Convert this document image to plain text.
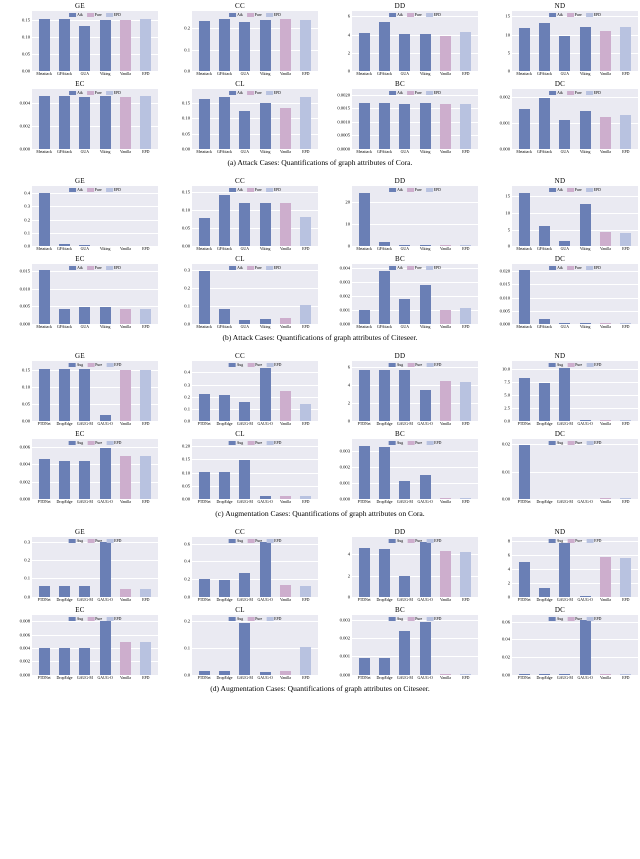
GE
0.00
0.05
0.10
0.15
Atk	Pure	EPD
Metattack	GFAttack	GUA	Viking	Vanilla	EPD
CC
0.0
0.1
0.2
Atk	Pure	EPD
Metattack	GFAttack	GUA	Viking	Vanilla	EPD
DD
0
2
4
6	Atk	Pure	EPD
Metattack	GFAttack	GUA	Viking	Vanilla	EPD
ND
0
5
10
15	Atk	Pure	EPD
Metattack	GFAttack	GUA	Viking	Vanilla	EPD
EC
0.000
0.002
0.004
Atk	Pure	EPD
Metattack	GFAttack	GUA	Viking	Vanilla	EPD
CL
0.00
0.05
0.10
0.15
Atk	Pure	EPD
Metattack	GFAttack	GUA	Viking	Vanilla	EPD
BC
0.0000
0.0005
0.0010
0.0015
0.0020	Atk	Pure	EPD
Metattack	GFAttack	GUA	Viking	Vanilla	EPD
DC
0.000
0.001
0.002
Atk	Pure	EPD
Metattack	GFAttack	GUA	Viking	Vanilla	EPD
(a) Attack Cases: Quantifications of graph attributes of Cora.
GE
0.0
0.1
0.2
0.3
0.4
Atk	Pure	EPD
Metattack	GFAttack	GUA	Viking	Vanilla	EPD
CC
0.00
0.05
0.10
0.15	Atk	Pure	EPD
Metattack	GFAttack	GUA	Viking	Vanilla	EPD
DD
0
10
20
Atk	Pure	EPD
Metattack	GFAttack	GUA	Viking	Vanilla	EPD
ND
0
5
10
15
Atk	Pure	EPD
Metattack	GFAttack	GUA	Viking	Vanilla	EPD
EC
0.000
0.005
0.010
0.015	Atk	Pure	EPD
Metattack	GFAttack	GUA	Viking	Vanilla	EPD
CL
0.0
0.1
0.2
0.3	Atk	Pure	EPD
Metattack	GFAttack	GUA	Viking	Vanilla	EPD
BC
0.000
0.001
0.002
0.003
0.004	Atk	Pure	EPD
Metattack	GFAttack	GUA	Viking	Vanilla	EPD
DC
0.000
0.005
0.010
0.015
0.020
Atk	Pure	EPD
Metattack	GFAttack	GUA	Viking	Vanilla	EPD
(b) Attack Cases: Quantifications of graph attributes of Citeseer.
GE
0.00
0.05
0.10
0.15
Aug	Pure	EPD
PTDNet	DropEdge GAUG-M	GAUG-O	Vanilla	EPD
CC
0.0
0.1
0.2
0.3
0.4
Aug	Pure	EPD
PTDNet	DropEdge GAUG-M	GAUG-O	Vanilla	EPD
DD
0
2
4
6	Aug	Pure	EPD
PTDNet	DropEdge GAUG-M	GAUG-O	Vanilla	EPD
ND
0.0
2.5
5.0
7.5
10.0
Aug	Pure	EPD
PTDNet	DropEdge GAUG-M	GAUG-O	Vanilla	EPD
EC
0.000
0.002
0.004
0.006
Aug	Pure	EPD
PTDNet	DropEdge GAUG-M	GAUG-O	Vanilla	EPD
CL
0.00
0.05
0.10
0.15
0.20
Aug	Pure	EPD
PTDNet	DropEdge GAUG-M	GAUG-O	Vanilla	EPD
BC
0.000
0.001
0.002
0.003
Aug	Pure	EPD
PTDNet	DropEdge GAUG-M	GAUG-O	Vanilla	EPD
DC
0.00
0.01
0.02	Aug	Pure	EPD
PTDNet	DropEdge GAUG-M	GAUG-O	Vanilla	EPD
(c) Augmentation Cases: Quantifications of graph attributes on Cora.
GE
0.0
0.1
0.2
0.3	Aug	Pure	EPD
PTDNet	DropEdge GAUG-M	GAUG-O	Vanilla	EPD
CC
0.0
0.2
0.4
0.6
Aug	Pure	EPD
PTDNet	DropEdge GAUG-M	GAUG-O	Vanilla	EPD
DD
0
2
4
Aug	Pure	EPD
PTDNet	DropEdge GAUG-M	GAUG-O	Vanilla	EPD
ND
0
2
4
6
8	Aug	Pure	EPD
PTDNet	DropEdge GAUG-M	GAUG-O	Vanilla	EPD
EC
0.000
0.002
0.004
0.006
0.008
Aug	Pure	EPD
PTDNet	DropEdge GAUG-M	GAUG-O	Vanilla	EPD
CL
0.0
0.1
0.2
Aug	Pure	EPD
PTDNet	DropEdge GAUG-M	GAUG-O	Vanilla	EPD
BC
0.000
0.001
0.002
0.003	Aug	Pure	EPD
PTDNet	DropEdge GAUG-M	GAUG-O	Vanilla	EPD
DC
0.00
0.02
0.04
0.06
Aug	Pure	EPD
PTDNet	DropEdge GAUG-M	GAUG-O	Vanilla	EPD
(d) Augmentation Cases: Quantifications of graph attributes on Citeseer.
